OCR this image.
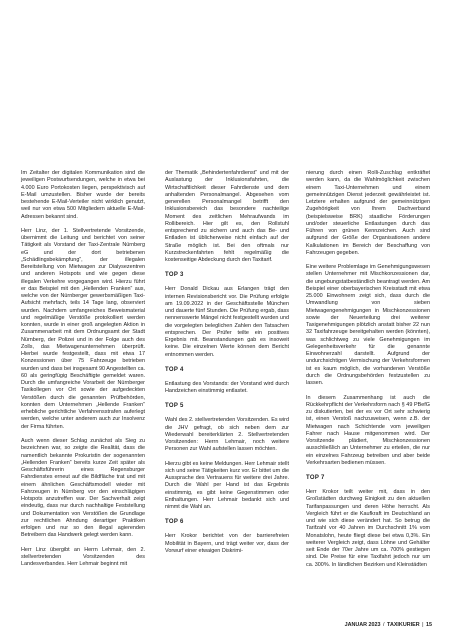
Im Zeitalter der digitalen Kommunikation sind die jeweiligen Postwurfsendungen, welche in etwa bei 4.000 Euro Portokosten liegen, perspektivisch auf E-Mail umzustellen. Bisher wurde der bereits bestehende E-Mail-Verteiler nicht wirklich genutzt, weil nur von etwa 500 Mitgliedern aktuelle E-Mail-Adressen bekannt sind.

Herr Linz, der 1. Stellvertretende Vorsitzende, übernimmt die Leitung und berichtet von seiner Tätigkeit als Vorstand der Taxi-Zentrale Nürnberg eG und der dort betriebenen „Schädlingsbekämpfung“, der illegalen Bereitstellung von Mietwagen zur Dialysezentren und anderen Hotspots und wie gegen diese illegalen Verkehre vorgegangen wird. Hierzu führt er das Beispiel mit den „Hellenden Franken“ aus, welche von der Nürnberger gewerbsmäßigen Taxi-Aufsicht mehrfach, teils 14 Tage lang, observiert wurden. Nachdem umfangreiches Beweismaterial und regelmäßige Verstöße protokolliert werden konnten, wurde in einer groß angelegten Aktion in Zusammenarbeit mit dem Ordnungsamt der Stadt Nürnberg, der Polizei und in der Folge auch des Zolls, das Mietwagenunternehmen überprüft. Hierbei wurde festgestellt, dass mit etwa 17 Konzessionen über 75 Fahrzeuge betrieben wurden und dass bei insgesamt 90 Angestellten ca. 60 als geringfügig Beschäftigte gemeldet waren. Durch die umfangreiche Vorarbeit der Nürnberger Taxikollegen vor Ort sowie der aufgedeckten Verstößen durch die genannten Prüfbehörden, konnten dem Unternehmen „Hellende Franken“ erhebliche gerichtliche Verfahrensstrafen auferlegt werden, welche unter anderem auch zur Insolvenz der Firma führten.

Auch wenn dieser Schlag zunächst als Sieg zu bezeichnen war, so zeigte die Realität, dass die namentlich bekannte Prokuristin der sogenannten „Hellenden Franken“ bereits kurze Zeit später als Geschäftsführerin eines Regensburger Fahrdienstes erneut auf die Bildfläche trat und mit einem ähnlichen Geschäftsmodell wieder mit Fahrzeugen in Nürnberg vor den einschlägigen Hotspots anzutreffen war. Der Sachverhalt zeigt eindeutig, dass nur durch nachhaltige Feststellung und Dokumentation von Verstößen die Grundlage zur rechtlichen Ahndung derartiger Praktiken erfolgen und nur so den illegal agierenden Betreibern das Handwerk gelegt werden kann.

Herr Linz übergibt an Herrn Lehmair, den 2. stellvertretenden Vorsitzenden des Landesverbandes. Herr Lehmair beginnt mit

der Thematik „Behindertenfahrdienst“ und mit der Auslastung der Inklusionsfahrten, die Wirtschaftlichkeit dieser Fahrdienste und dem anhaltenden Personalmangel. Abgesehen vom generellen Personalmangel betrifft den Inklusionsbereich das besondere nachteilige Moment des zeitlichen Mehraufwands im Rollibereich. Hier gilt es, den Rollstuhl entsprechend zu sichern und auch das Be- und Entladen ist üblicherweise nicht einfach auf der Straße möglich ist. Bei den oftmals nur Kurzstreckenfahrten fehlt regelmäßig die kostenseitige Abdeckung durch den Taxitarif.

TOP 3

Herr Donald Dickau aus Erlangen trägt den internen Revisionsbericht vor. Die Prüfung erfolgte am 19.09.2022 in der Geschäftsstelle München und dauerte fünf Stunden. Die Prüfung ergab, dass nennenswerte Mängel nicht festgestellt wurden und die vorgelegten beleglichen Zahlen den Tatsachen entsprechen. Der Prüfer teilte ein positives Ergebnis mit. Beanstandungen gab es insoweit keine. Die einzelnen Werte können dem Bericht entnommen werden.

TOP 4

Entlastung des Vorstands: der Vorstand wird durch Handzeichen einstimmig entlastet.

TOP 5

Wahl des 2. stellvertretenden Vorsitzenden. Es wird die JHV gefragt, ob sich neben dem zur Wiederwahl bereiterklärten 2. Stellvertretenden Vorsitzenden: Herrn Lehmair, noch weitere Personen zur Wahl aufstellen lassen möchten.

Hierzu gibt es keine Meldungen. Herr Lehmair stellt sich und seine Tätigkeiten kurz vor. Er bittet um die Aussprache des Vertrauens für weitere drei Jahre. Durch die Wahl per Hand ist das Ergebnis einstimmig, es gibt keine Gegenstimmen oder Enthaltungen. Herr Lehmair bedankt sich und nimmt die Wahl an.

TOP 6

Herr Krokor berichtet von der barrierefreien Mobilität in Bayern, und trägt weiter vor, dass der Vorwurf einer etwaigen Diskrimi-

nierung durch einen Rolli-Zuschlag entkräftet werden kann, da die Wahlmöglichkeit zwischen einem Taxi-Unternehmen und einem gemeinnützigen Dienst jederzeit gewährleistet ist. Letztere erhalten aufgrund der gemeinnützigen Zugehörigkeit von Ihrem Dachverband (beispielsweise BRK) staatliche Förderungen und/oder steuerliche Entlastungen durch das Führen von grünen Kennzeichen. Auch sind aufgrund der Größe der Organisationen andere Kalkulationen im Bereich der Beschaffung von Fahrzeugen gegeben.

Eine weitere Problemlage im Genehmigungswesen stellen Unternehmer mit Mischkonzessionen dar, die ungebungstatbeständlich beantragt werden. Am Beispiel einer oberbayerischen Kreisstadt mit etwa 25.000 Einwohnern zeigt sich, dass durch die Umwandlung von sieben Mietwagengenehmigungen in Mischkonzessionen sowie der Neuerteilung drei weiterer Taxigenehmigungen plötzlich anstatt bisher 22 nun 32 Taxifahrzeuge bereitgehalten werden (könnten), was schlichtweg zu viele Genehmigungen im Gelegenheitsverkehr für die genannte Einwohnerzahl darstellt. Aufgrund der undurchsichtigen Vermischung der Verkehrsformen ist es kaum möglich, die vorhandenen Verstöße durch die Ordnungsbehörden festzustellen zu lassen.

In diesem Zusammenhang ist auch die Rückkehrpflicht der Verkehrsform nach § 49 PBefG zu diskutierten, bei der es vor Ort sehr schwierig ist, einen Verstoß nachzuweisen, wenn z.B. der Mietwagen nach Schichtende vom jeweiligen Fahrer nach Hause mitgenommen wird. Der Vorsitzende plädiert, Mischkonzessionen ausschließlich an Unternehmer zu erteilen, die nur ein einzelnes Fahrzeug betreiben und aber beide Verkehrsarten bedienen müssen.

TOP 7

Herr Krokor teilt weiter mit, dass in den Großstädten durchweg Einigkeit zu den aktuellen Tarifanpassungen und deren Höhe herrscht. Als Vergleich führt er die Kaufkraft im Deutschland an und wie sich diese verändert hat. So betrug die Tarifzahl vor 40 Jahren im Durchschnitt 1% vom Monatslohn, heute fliegt diese bei etwa 0,3%. Ein weiterer Vergleich zeigt, dass Löhne und Gehälter seit Ende der 70er Jahre um ca. 700% gestiegen sind. Die Preise für eine Taxifahrt jedoch nur um ca. 300%. In ländlichen Bezirken und Kleinstädten

JANUAR 2023 / TAXIKURIER | 15
